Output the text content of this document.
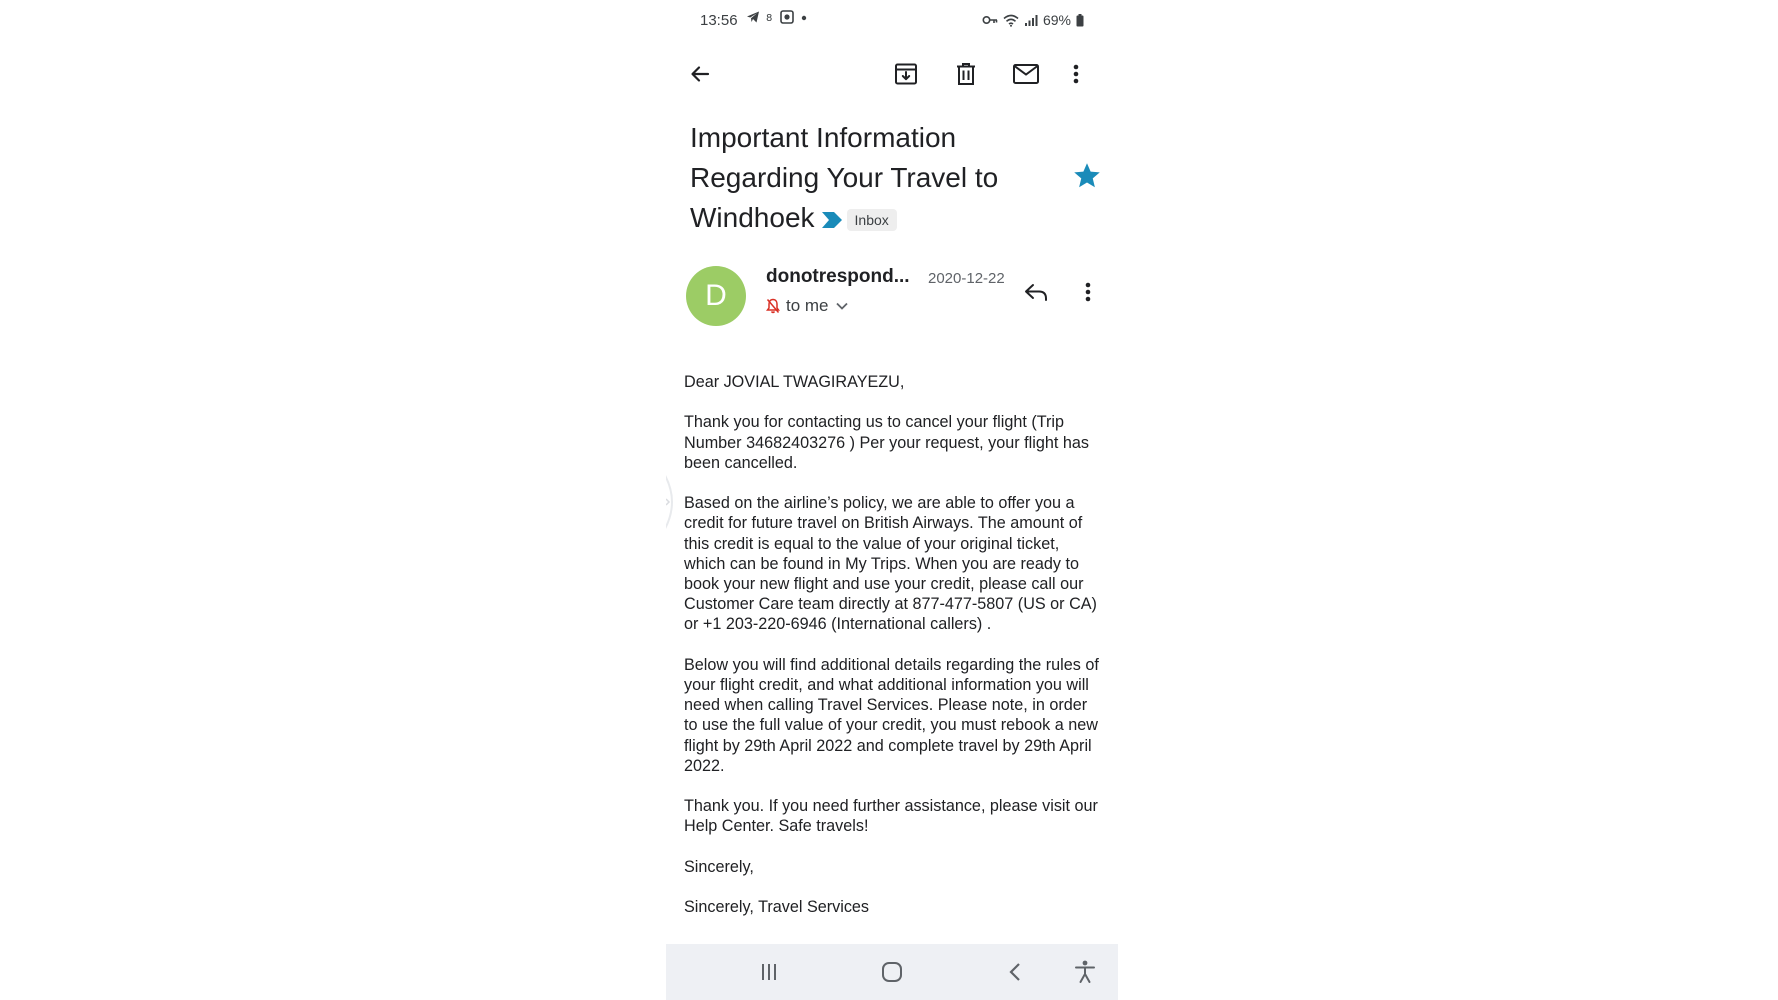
13:56	8	69%
Important Information Regarding Your Travel to Windhoek	Inbox
D
donotrespond... 2020-12-22
to me

Dear JOVIAL TWAGIRAYEZU,

Thank you for contacting us to cancel your flight (Trip Number 34682403276 ) Per your request, your flight has been cancelled.

Based on the airline’s policy, we are able to offer you a credit for future travel on British Airways. The amount of this credit is equal to the value of your original ticket, which can be found in My Trips. When you are ready to book your new flight and use your credit, please call our Customer Care team directly at 877-477-5807 (US or CA) or +1 203-220-6946 (International callers) .

Below you will find additional details regarding the rules of your flight credit, and what additional information you will need when calling Travel Services. Please note, in order to use the full value of your credit, you must rebook a new flight by 29th April 2022 and complete travel by 29th April 2022.

Thank you. If you need further assistance, please visit our Help Center. Safe travels!

Sincerely,

Sincerely, Travel Services
